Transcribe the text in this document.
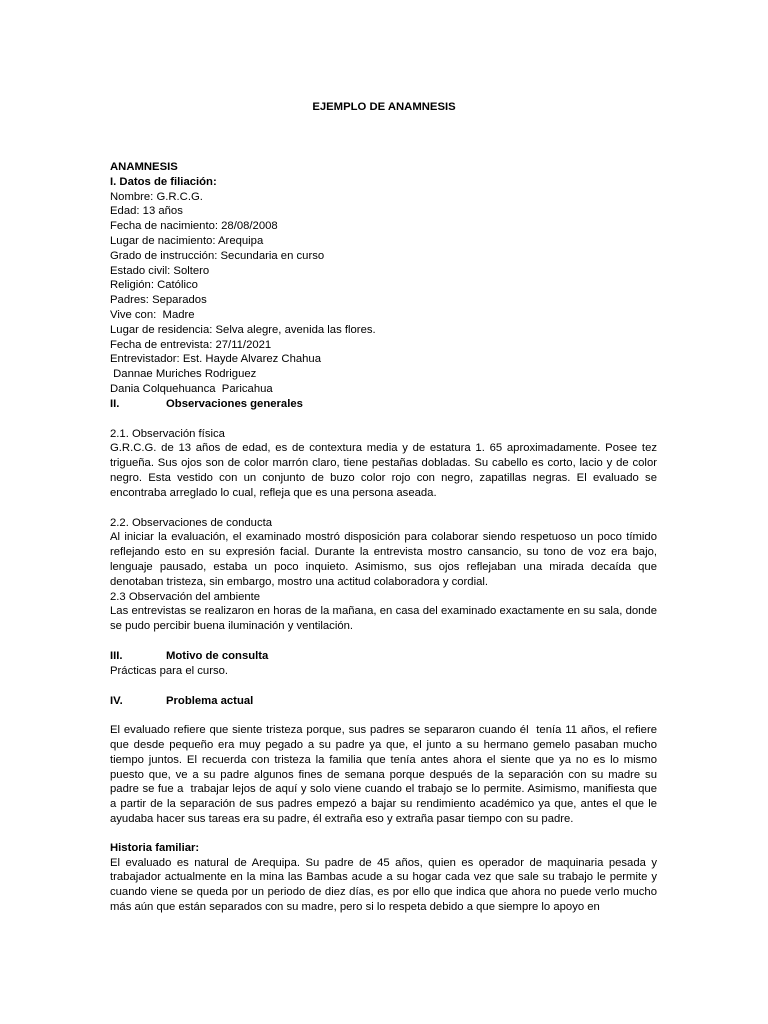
EJEMPLO DE ANAMNESIS
ANAMNESIS
I. Datos de filiación:
Nombre: G.R.C.G.
Edad: 13 años
Fecha de nacimiento: 28/08/2008
Lugar de nacimiento: Arequipa
Grado de instrucción: Secundaria en curso
Estado civil: Soltero
Religión: Católico
Padres: Separados
Vive con:  Madre
Lugar de residencia: Selva alegre, avenida las flores.
Fecha de entrevista: 27/11/2021
Entrevistador: Est. Hayde Alvarez Chahua
Dannae Muriches Rodriguez
Dania Colquehuanca  Paricahua
II.	Observaciones generales
2.1. Observación física
G.R.C.G. de 13 años de edad, es de contextura media y de estatura 1. 65 aproximadamente. Posee tez trigueña. Sus ojos son de color marrón claro, tiene pestañas dobladas. Su cabello es corto, lacio y de color negro. Esta vestido con un conjunto de buzo color rojo con negro, zapatillas negras. El evaluado se encontraba arreglado lo cual, refleja que es una persona aseada.
2.2. Observaciones de conducta
Al iniciar la evaluación, el examinado mostró disposición para colaborar siendo respetuoso un poco tímido reflejando esto en su expresión facial. Durante la entrevista mostro cansancio, su tono de voz era bajo, lenguaje pausado, estaba un poco inquieto. Asimismo, sus ojos reflejaban una mirada decaída que denotaban tristeza, sin embargo, mostro una actitud colaboradora y cordial.
2.3 Observación del ambiente
Las entrevistas se realizaron en horas de la mañana, en casa del examinado exactamente en su sala, donde se pudo percibir buena iluminación y ventilación.
III.	Motivo de consulta
Prácticas para el curso.
IV.	Problema actual
El evaluado refiere que siente tristeza porque, sus padres se separaron cuando él  tenía 11 años, el refiere que desde pequeño era muy pegado a su padre ya que, el junto a su hermano gemelo pasaban mucho tiempo juntos. El recuerda con tristeza la familia que tenía antes ahora el siente que ya no es lo mismo puesto que, ve a su padre algunos fines de semana porque después de la separación con su madre su padre se fue a  trabajar lejos de aquí y solo viene cuando el trabajo se lo permite. Asimismo, manifiesta que a partir de la separación de sus padres empezó a bajar su rendimiento académico ya que, antes el que le ayudaba hacer sus tareas era su padre, él extraña eso y extraña pasar tiempo con su padre.
Historia familiar:
El evaluado es natural de Arequipa. Su padre de 45 años, quien es operador de maquinaria pesada y trabajador actualmente en la mina las Bambas acude a su hogar cada vez que sale su trabajo le permite y cuando viene se queda por un periodo de diez días, es por ello que indica que ahora no puede verlo mucho más aún que están separados con su madre, pero si lo respeta debido a que siempre lo apoyo en
